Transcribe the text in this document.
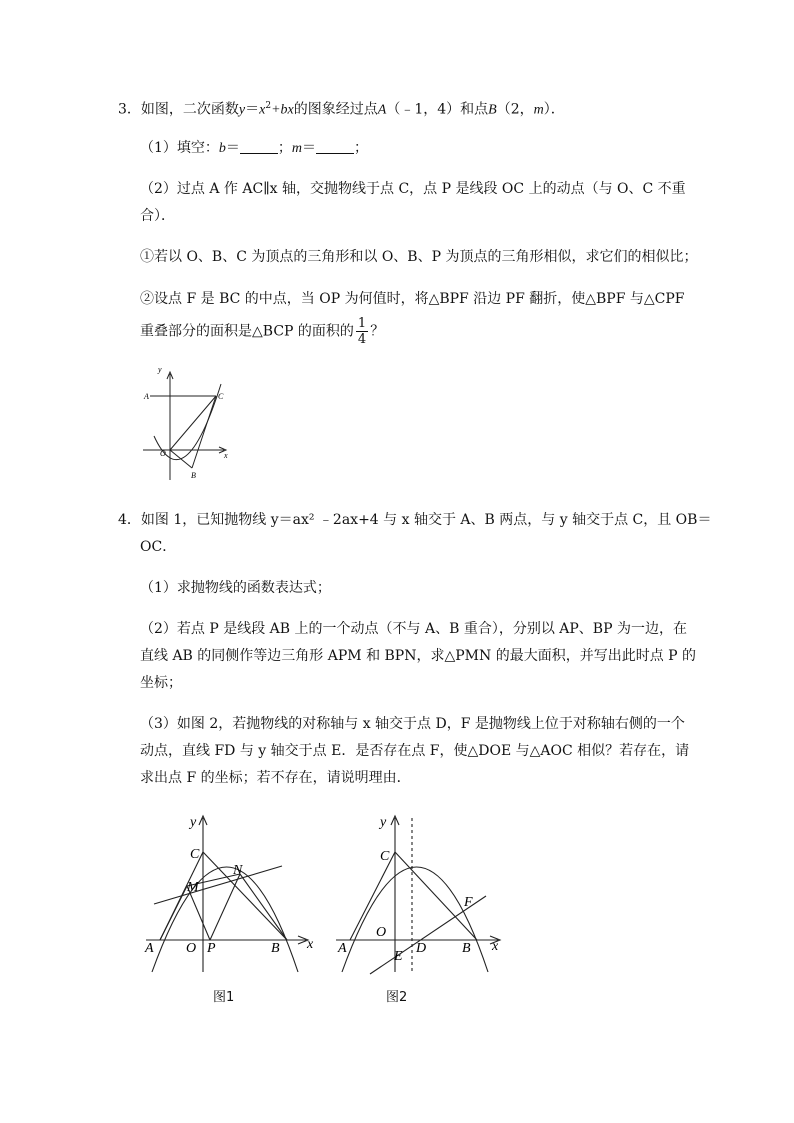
3．如图，二次函数$y=x^2+bx$的图象经过点A（﹣1，4）和点B（2，m）．
（1）填空：b＝	；m＝	；
（2）过点 A 作 AC∥x 轴，交抛物线于点 C，点 P 是线段 OC 上的动点（与 O、C 不重
合）．
①若以 O、B、C 为顶点的三角形和以 O、B、P 为顶点的三角形相似，求它们的相似比；
②设点 F 是 BC 的中点，当 OP 为何值时，将△BPF 沿边 PF 翻折，使△BPF 与△CPF
重叠部分的面积是△BCP 的面积的 $\frac{1}{4}$ ？
y
x
A	C
O
B
4．如图 1，已知抛物线 y＝ax² ﹣2ax+4 与 x 轴交于 A、B 两点，与 y 轴交于点 C，且 OB＝
OC．
（1）求抛物线的函数表达式；
（2）若点 P 是线段 AB 上的一个动点（不与 A、B 重合），分别以 AP、BP 为一边，在
直线 AB 的同侧作等边三角形 APM 和 BPN，求△PMN 的最大面积，并写出此时点 P 的
坐标；
（3）如图 2，若抛物线的对称轴与 x 轴交于点 D，F 是抛物线上位于对称轴右侧的一个
动点，直线 FD 与 y 轴交于点 E．是否存在点 F，使△DOE 与△AOC 相似？若存在，请
求出点 F 的坐标；若不存在，请说明理由．
y
x
C
N
M
A O P	B
图1
y
x
C
F
O
A
E
D	B
图2
